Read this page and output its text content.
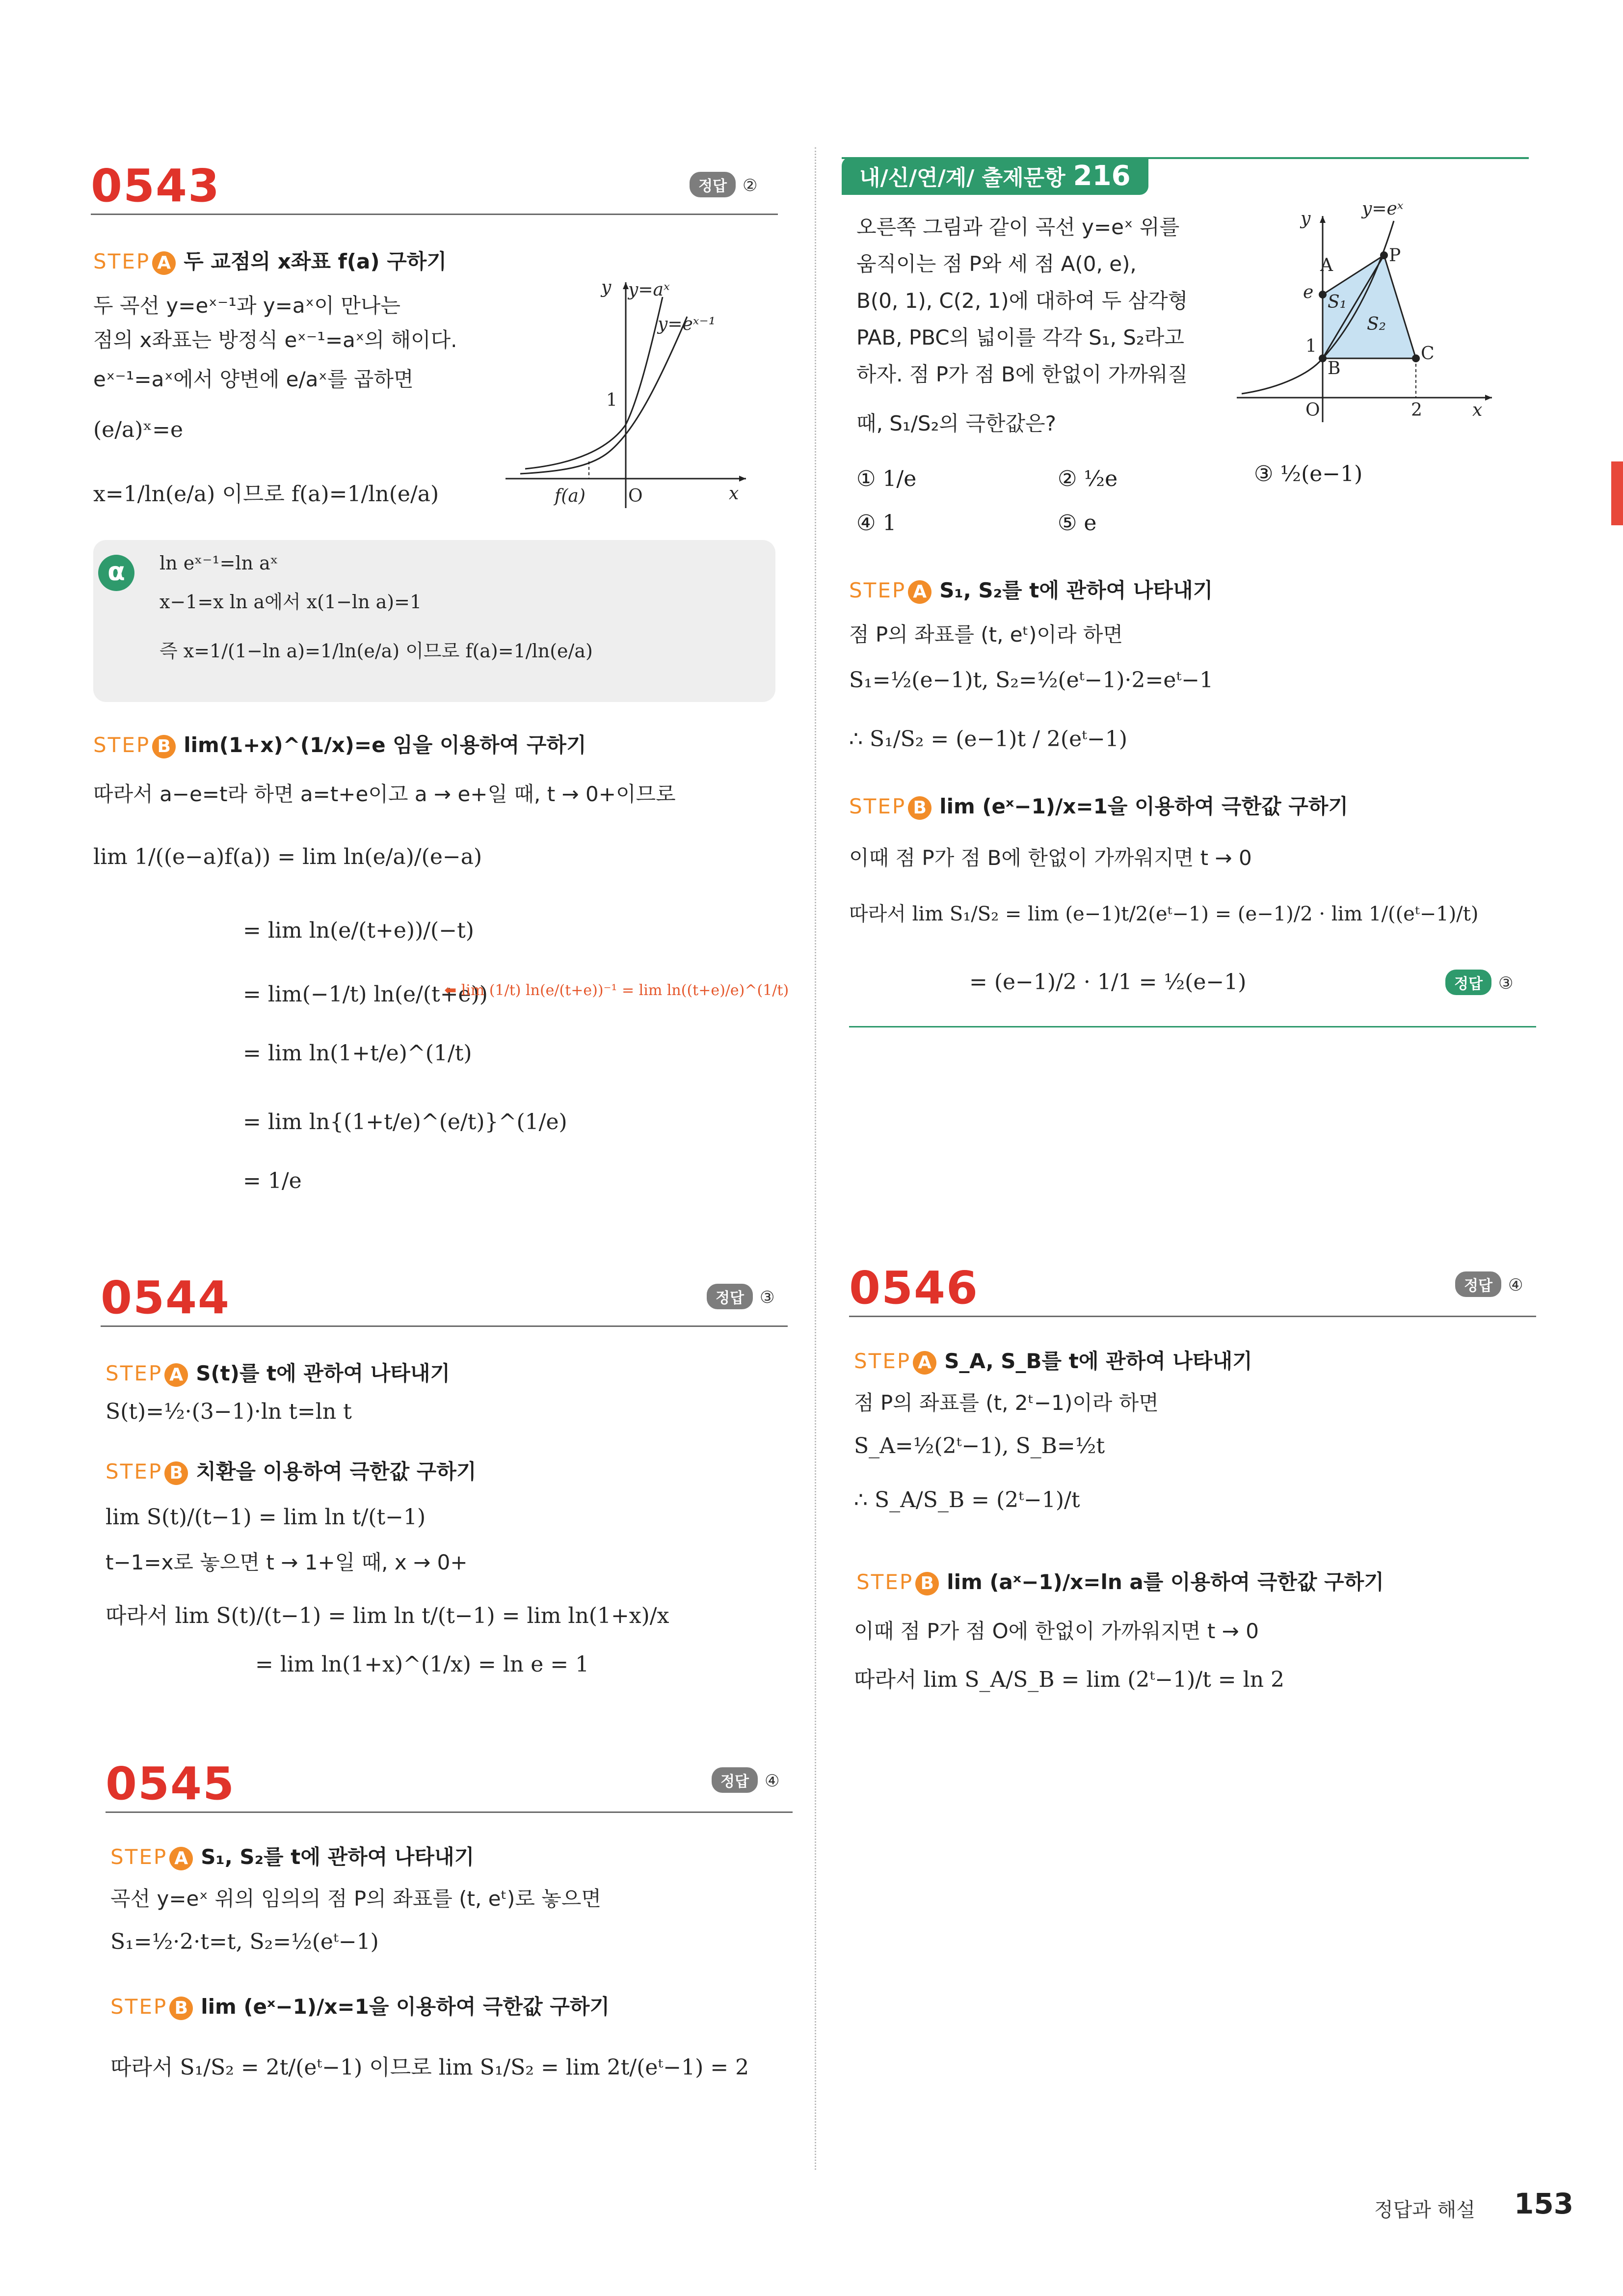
0543	정답 ②
STEP A 두 교점의 x좌표 f(a) 구하기
두 곡선 y=eˣ⁻¹과 y=aˣ이 만나는
점의 x좌표는 방정식 eˣ⁻¹=aˣ의 해이다.
eˣ⁻¹=aˣ에서 양변에 e/aˣ를 곱하면
(e/a)ˣ=e
x=1/ln(e/a) 이므로 f(a)=1/ln(e/a)
y y=aˣ
y=eˣ⁻¹
1
f(a) O	x
α	ln eˣ⁻¹=ln aˣ
x−1=x ln a에서 x(1−ln a)=1
즉 x=1/(1−ln a)=1/ln(e/a) 이므로 f(a)=1/ln(e/a)
STEP B lim(1+x)^(1/x)=e 임을 이용하여 구하기
따라서 a−e=t라 하면 a=t+e이고 a → e+일 때, t → 0+이므로
lim 1/((e−a)f(a)) = lim ln(e/a)/(e−a)
= lim ln(e/(t+e))/(−t)
= lim(−1/t) ln(e/(t+e))
⬅ lim (1/t) ln(e/(t+e))⁻¹ = lim ln((t+e)/e)^(1/t)
= lim ln(1+t/e)^(1/t)
= lim ln{(1+t/e)^(e/t)}^(1/e)
= 1/e
0544	정답 ③
STEP A S(t)를 t에 관하여 나타내기
S(t)=½·(3−1)·ln t=ln t
STEP B 치환을 이용하여 극한값 구하기
lim S(t)/(t−1) = lim ln t/(t−1)
t−1=x로 놓으면 t → 1+일 때, x → 0+
따라서 lim S(t)/(t−1) = lim ln t/(t−1) = lim ln(1+x)/x
= lim ln(1+x)^(1/x) = ln e = 1
0545	정답 ④
STEP A S₁, S₂를 t에 관하여 나타내기
곡선 y=eˣ 위의 임의의 점 P의 좌표를 (t, eᵗ)로 놓으면
S₁=½·2·t=t, S₂=½(eᵗ−1)
STEP B lim (eˣ−1)/x=1을 이용하여 극한값 구하기
따라서 S₁/S₂ = 2t/(eᵗ−1) 이므로 lim S₁/S₂ = lim 2t/(eᵗ−1) = 2
내/신/연/계/ 출제문항 216
오른쪽 그림과 같이 곡선 y=eˣ 위를
움직이는 점 P와 세 점 A(0, e),
B(0, 1), C(2, 1)에 대하여 두 삼각형
PAB, PBC의 넓이를 각각 S₁, S₂라고
하자. 점 P가 점 B에 한없이 가까워질
때, S₁/S₂의 극한값은?
y	y=eˣ
A	P
e S₁
S₂
1
B
C
O	2	x
① 1/e	② ½e	③ ½(e−1)
④ 1	⑤ e
STEP A S₁, S₂를 t에 관하여 나타내기
점 P의 좌표를 (t, eᵗ)이라 하면
S₁=½(e−1)t, S₂=½(eᵗ−1)·2=eᵗ−1
∴ S₁/S₂ = (e−1)t / 2(eᵗ−1)
STEP B lim (eˣ−1)/x=1을 이용하여 극한값 구하기
이때 점 P가 점 B에 한없이 가까워지면 t → 0
따라서 lim S₁/S₂ = lim (e−1)t/2(eᵗ−1) = (e−1)/2 · lim 1/((eᵗ−1)/t)
= (e−1)/2 · 1/1 = ½(e−1)	정답 ③
0546	정답 ④
STEP A S_A, S_B를 t에 관하여 나타내기
점 P의 좌표를 (t, 2ᵗ−1)이라 하면
S_A=½(2ᵗ−1), S_B=½t
∴ S_A/S_B = (2ᵗ−1)/t
STEP B lim (aˣ−1)/x=ln a를 이용하여 극한값 구하기
이때 점 P가 점 O에 한없이 가까워지면 t → 0
따라서 lim S_A/S_B = lim (2ᵗ−1)/t = ln 2
정답과 해설 153
